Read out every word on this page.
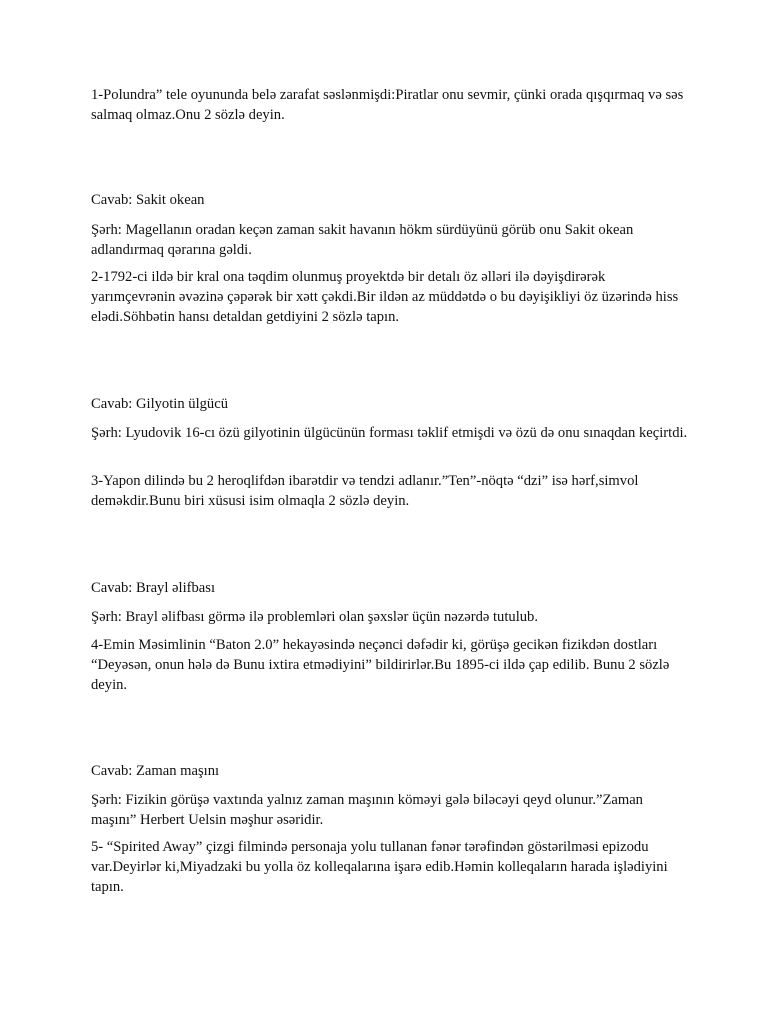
1-Polundra” tele oyununda belə zarafat səslənmişdi:Piratlar onu sevmir, çünki orada qışqırmaq və səs salmaq olmaz.Onu 2 sözlə deyin.

Cavab: Sakit okean

Şərh: Magellanın oradan keçən zaman sakit havanın hökm sürdüyünü görüb onu Sakit okean adlandırmaq qərarına gəldi.

2-1792-ci ildə bir kral ona təqdim olunmuş proyektdə bir detalı öz əlləri ilə dəyişdirərək yarımçevrənin əvəzinə çəpərək bir xətt çəkdi.Bir ildən az müddətdə o bu dəyişikliyi öz üzərində hiss elədi.Söhbətin hansı detaldan getdiyini 2 sözlə tapın.

Cavab: Gilyotin ülgücü

Şərh: Lyudovik 16-cı özü gilyotinin ülgücünün forması təklif etmişdi və özü də onu sınaqdan keçirtdi.

3-Yapon dilində bu 2 heroqlifdən ibarətdir və tendzi adlanır.”Ten”-nöqtə “dzi” isə hərf,simvol deməkdir.Bunu biri xüsusi isim olmaqla 2 sözlə deyin.

Cavab: Brayl əlifbası

Şərh: Brayl əlifbası görmə ilə problemləri olan şəxslər üçün nəzərdə tutulub.

4-Emin Məsimlinin “Baton 2.0” hekayəsində neçənci dəfədir ki, görüşə gecikən fizikdən dostları “Deyəsən, onun hələ də Bunu ixtira etmədiyini” bildirirlər.Bu 1895-ci ildə çap edilib. Bunu 2 sözlə deyin.

Cavab: Zaman maşını

Şərh: Fizikin görüşə vaxtında yalnız zaman maşının köməyi gələ biləcəyi qeyd olunur.”Zaman maşını” Herbert Uelsin məşhur əsəridir.

5- “Spirited Away” çizgi filmində personaja yolu tullanan fənər tərəfindən göstərilməsi epizodu var.Deyirlər ki,Miyadzaki bu yolla öz kolleqalarına işarə edib.Həmin kolleqaların harada işlədiyini tapın.
